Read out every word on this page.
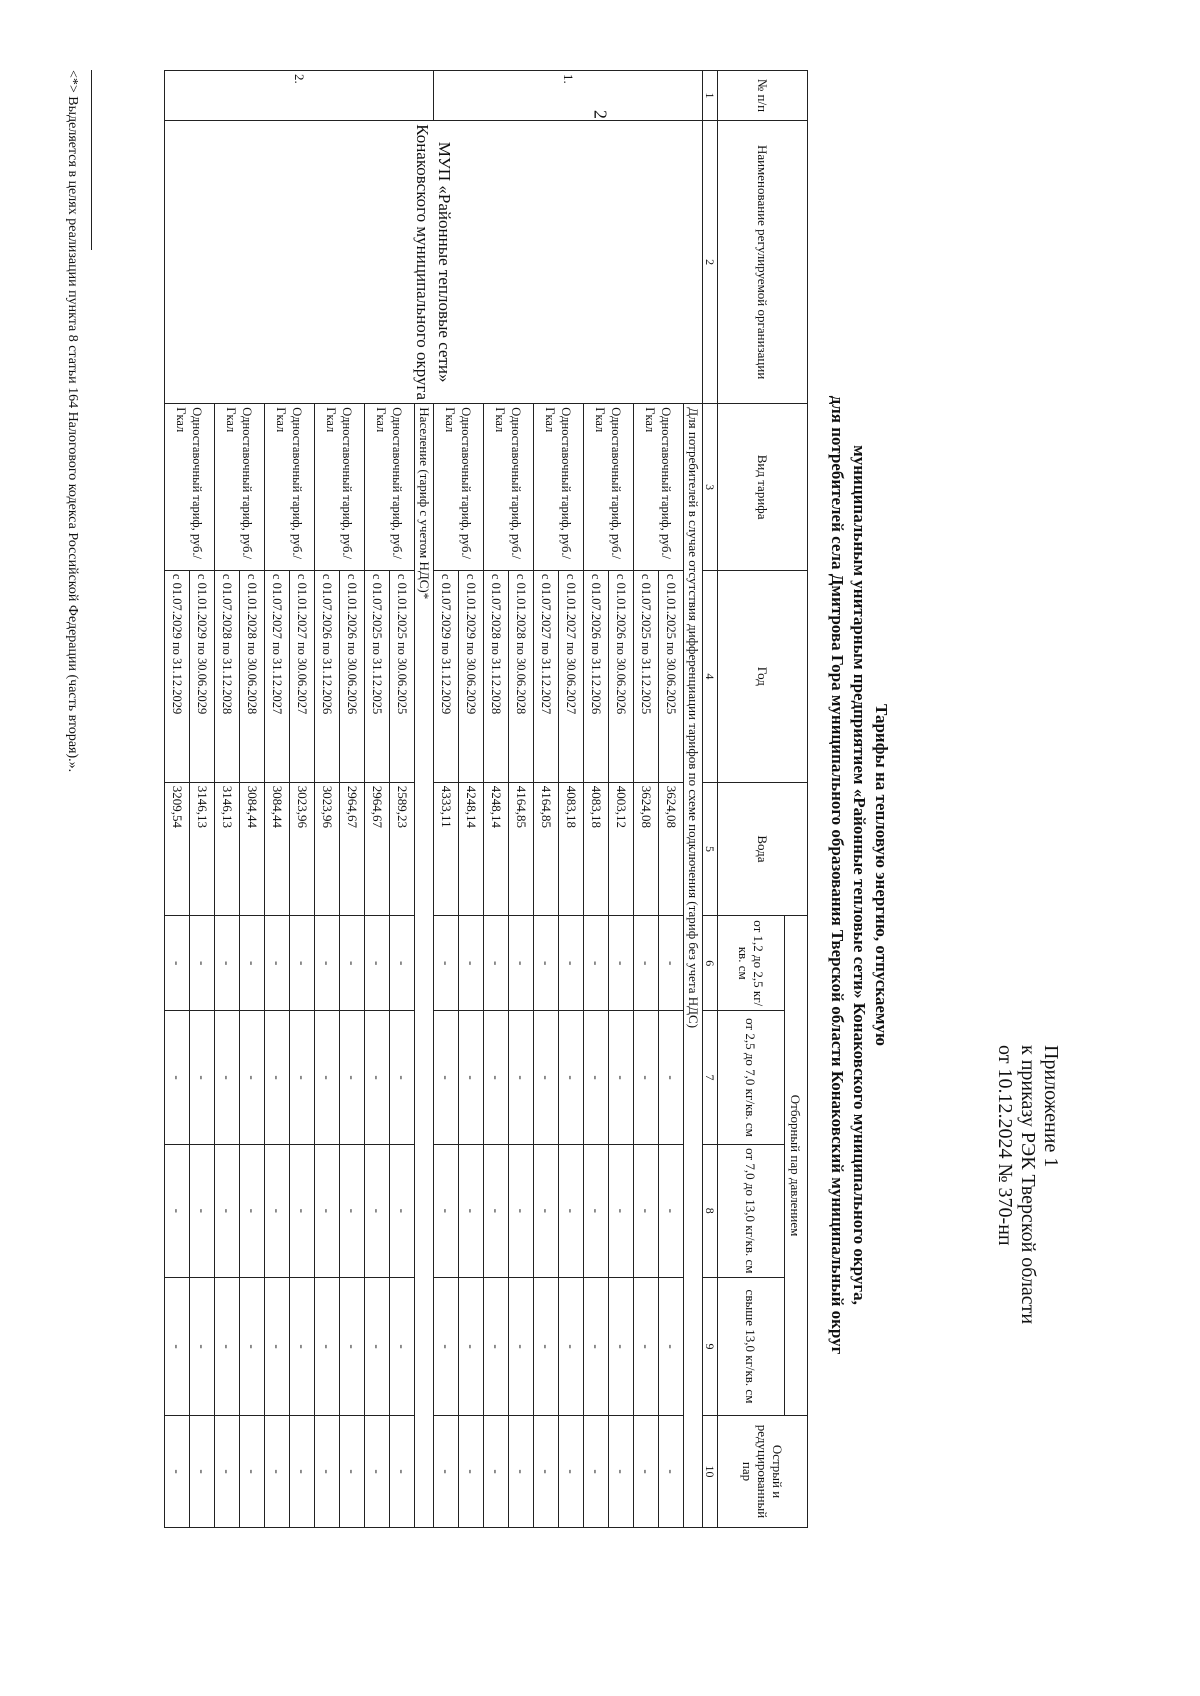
2
Приложение 1
к приказу РЭК Тверской области
от 10.12.2024 № 370-нп
Тарифы на тепловую энергию, отпускаемую
муниципальным унитарным предприятием «Районные тепловые сети» Конаковского муниципального округа,
для потребителей села Дмитрова Гора муниципального образования Тверской области Конаковский муниципальный округ
№ п/п	Наименование регулируемой организации	Вид тарифа	Год	Вода	Отборный пар давлением				Острый и редуцированный пар
					от 1,2 до 2,5 кг/кв. см	от 2,5 до 7,0 кг/кв. см	от 7,0 до 13,0 кг/кв. см	свыше 13,0 кг/кв. см	
1	2	3	4	5	6	7	8	9	10
1.	МУП «Районные тепловые сети» Конаковского муниципального округа	Для потребителей в случае отсутствия дифференциации тарифов по схеме подключения (тариф без учета НДС)							
		Одноставочный тариф, руб./Гкал	с 01.01.2025 по 30.06.2025	3624,08	-	-	-	-	-
			с 01.07.2025 по 31.12.2025	3624,08	-	-	-	-	-
		Одноставочный тариф, руб./Гкал	с 01.01.2026 по 30.06.2026	4003,12	-	-	-	-	-
			с 01.07.2026 по 31.12.2026	4083,18	-	-	-	-	-
		Одноставочный тариф, руб./Гкал	с 01.01.2027 по 30.06.2027	4083,18	-	-	-	-	-
			с 01.07.2027 по 31.12.2027	4164,85	-	-	-	-	-
		Одноставочный тариф, руб./Гкал	с 01.01.2028 по 30.06.2028	4164,85	-	-	-	-	-
			с 01.07.2028 по 31.12.2028	4248,14	-	-	-	-	-
		Одноставочный тариф, руб./Гкал	с 01.01.2029 по 30.06.2029	4248,14	-	-	-	-	-
			с 01.07.2029 по 31.12.2029	4333,11	-	-	-	-	-
2.		Население (тариф с учетом НДС)*							
		Одноставочный тариф, руб./Гкал	с 01.01.2025 по 30.06.2025	2589,23	-	-	-	-	-
			с 01.07.2025 по 31.12.2025	2964,67	-	-	-	-	-
		Одноставочный тариф, руб./Гкал	с 01.01.2026 по 30.06.2026	2964,67	-	-	-	-	-
			с 01.07.2026 по 31.12.2026	3023,96	-	-	-	-	-
		Одноставочный тариф, руб./Гкал	с 01.01.2027 по 30.06.2027	3023,96	-	-	-	-	-
			с 01.07.2027 по 31.12.2027	3084,44	-	-	-	-	-
		Одноставочный тариф, руб./Гкал	с 01.01.2028 по 30.06.2028	3084,44	-	-	-	-	-
			с 01.07.2028 по 31.12.2028	3146,13	-	-	-	-	-
		Одноставочный тариф, руб./Гкал	с 01.01.2029 по 30.06.2029	3146,13	-	-	-	-	-
			с 01.07.2029 по 31.12.2029	3209,54	-	-	-	-	-
<*> Выделяется в целях реализации пункта 8 статьи 164 Налогового кодекса Российской Федерации (часть вторая).».
